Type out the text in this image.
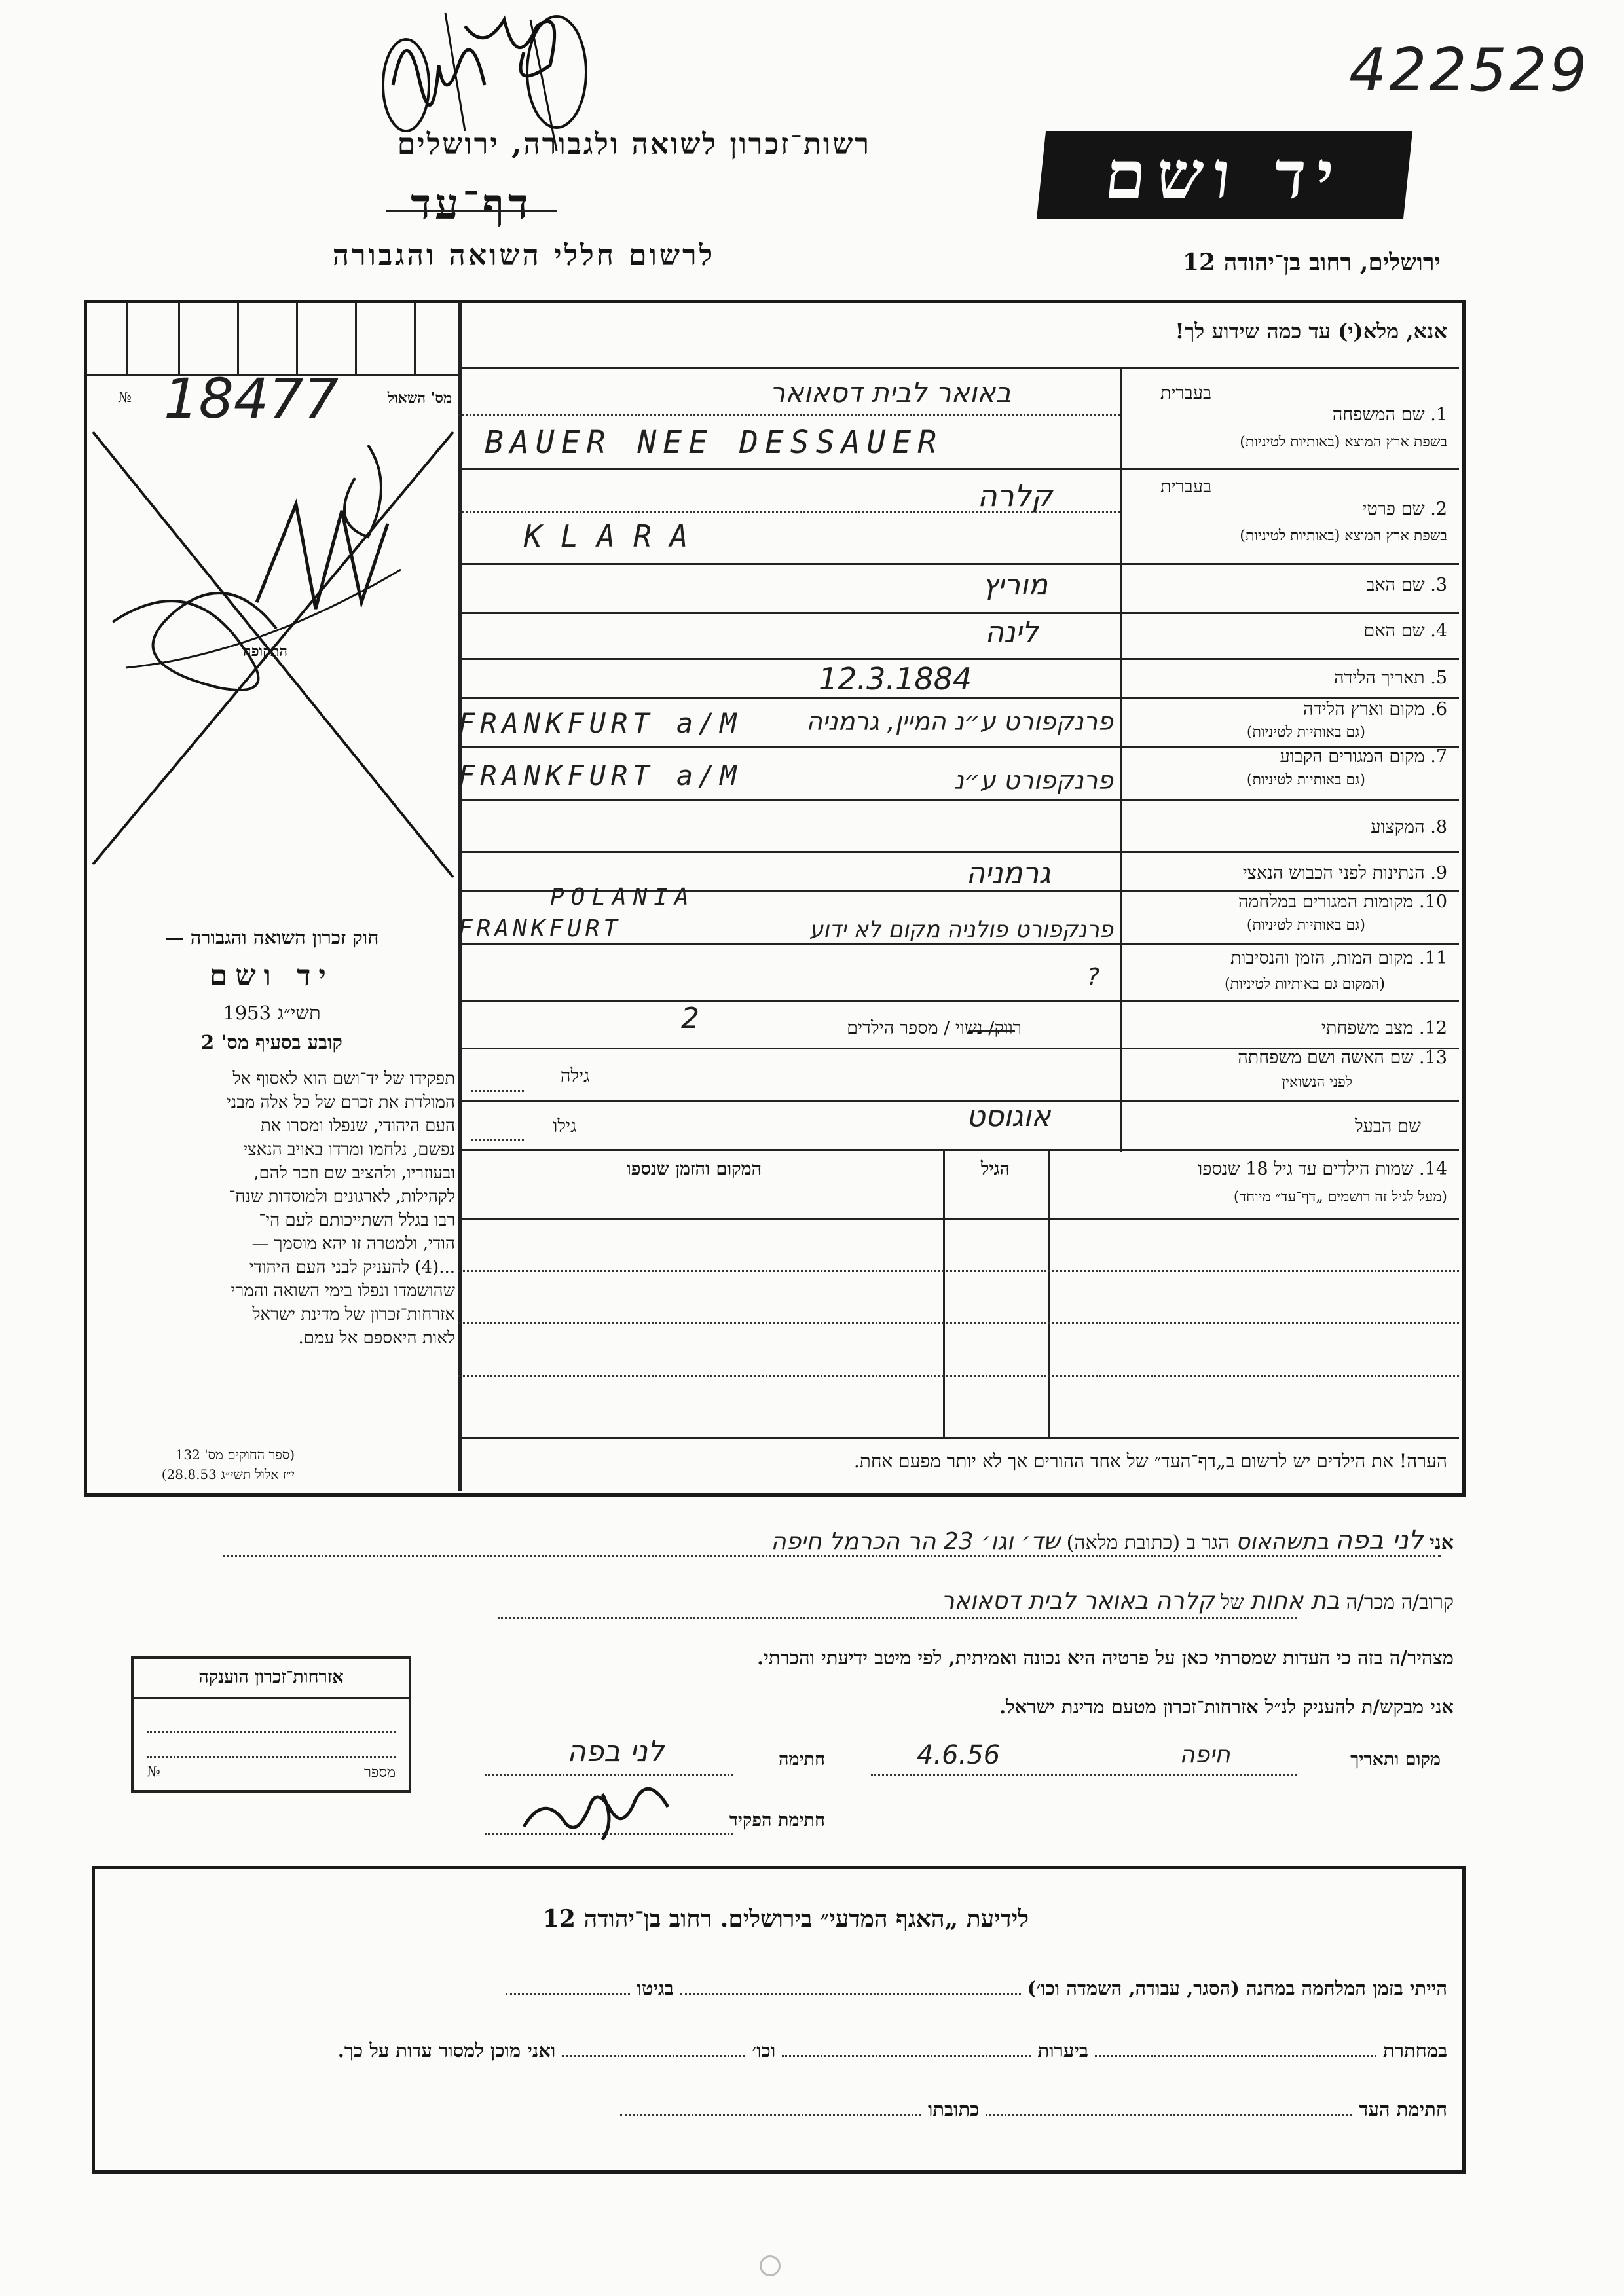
422529
רשות־זכרון לשואה ולגבורה, ירושלים
דף־עד
לרשום חללי השואה והגבורה
יד ושם
ירושלים, רחוב בן־יהודה 12
אנא, מלא(י) עד כמה שידוע לך!
מס' השאול
№ 18477
התקופה
חוק זכרון השואה והגבורה —
יד ושם
תשי״ג 1953
קובע בסעיף מס' 2
תפקידו של יד־ושם הוא לאסוף אל
המולדת את זכרם של כל אלה מבני
העם היהודי, שנפלו ומסרו את
נפשם, נלחמו ומרדו באויב הנאצי
ובעוזריו, ולהציב שם וזכר להם,
לקהילות, לארגונים ולמוסדות שנח־
רבו בגלל השתייכותם לעם הי־
הודי, ולמטרה זו יהא מוסמך —
...(4) להעניק לבני העם היהודי
שהושמדו ונפלו בימי השואה והמרי
אזרחות־זכרון של מדינת ישראל
לאות היאספם אל עמם.
(ספר החוקים מס' 132
י״ז אלול תשי״ג 28.8.53)
בעברית
1. שם המשפחה
בשפת ארץ המוצא (באותיות לטיניות)
באואר לבית דסאואר
BAUER NEE DESSAUER
בעברית
2. שם פרטי
בשפת ארץ המוצא (באותיות לטיניות)
קלרה
KLARA
3. שם האב
מוריץ
4. שם האם
לינה
5. תאריך הלידה
12.3.1884
6. מקום וארץ הלידה
(גם באותיות לטיניות)
FRANKFURT a/M	פרנקפורט ע״נ המיין, גרמניה
7. מקום המגורים הקבוע
(גם באותיות לטיניות)
FRANKFURT a/M	פרנקפורט ע״נ
8. המקצוע
9. הנתינות לפני הכבוש הנאצי
גרמניה
10. מקומות המגורים במלחמה
(גם באותיות לטיניות)
POLANIA
FRANKFURT	פרנקפורט פולניה מקום לא ידוע
11. מקום המות, הזמן והנסיבות
(המקום גם באותיות לטיניות)
?
12. מצב משפחתי
רווק/ נשוי / מספר הילדים
2
13. שם האשה ושם משפחתה
לפני הנשואין
גילה
שם הבעל
אוגוסט
גילו
14. שמות הילדים עד גיל 18 שנספו
(מעל לגיל זה רושמים „דף־עד״ מיוחד)
הגיל
המקום והזמן שנספו
הערה! את הילדים יש לרשום ב„דף־העד״ של אחד ההורים אך לא יותר מפעם אחת.
אני לני בפה בתשהאוס הגר ב (כתובת מלאה) שד׳ וגו׳ 23 הר הכרמל חיפה
קרוב/ה מכר/ה בת אחות של קלרה באואר לבית דסאואר
מצהיר/ה בזה כי העדות שמסרתי כאן על פרטיה היא נכונה ואמיתית, לפי מיטב ידיעתי והכרתי.
אני מבקש/ת להעניק לנ״ל אזרחות־זכרון מטעם מדינת ישראל.
אזרחות־זכרון הוענקה
מספר
№
מקום ותאריך
חיפה
4.6.56
חתימה
לני בפה
חתימת הפקיד
לידיעת „האגף המדעי״ בירושלים. רחוב בן־יהודה 12
הייתי בזמן המלחמה במחנה (הסגר, עבודה, השמדה וכו׳)  בגיטו
במחתרת  ביערות  וכו׳  ואני מוכן למסור עדות על כך.
חתימת העד  כתובתו
